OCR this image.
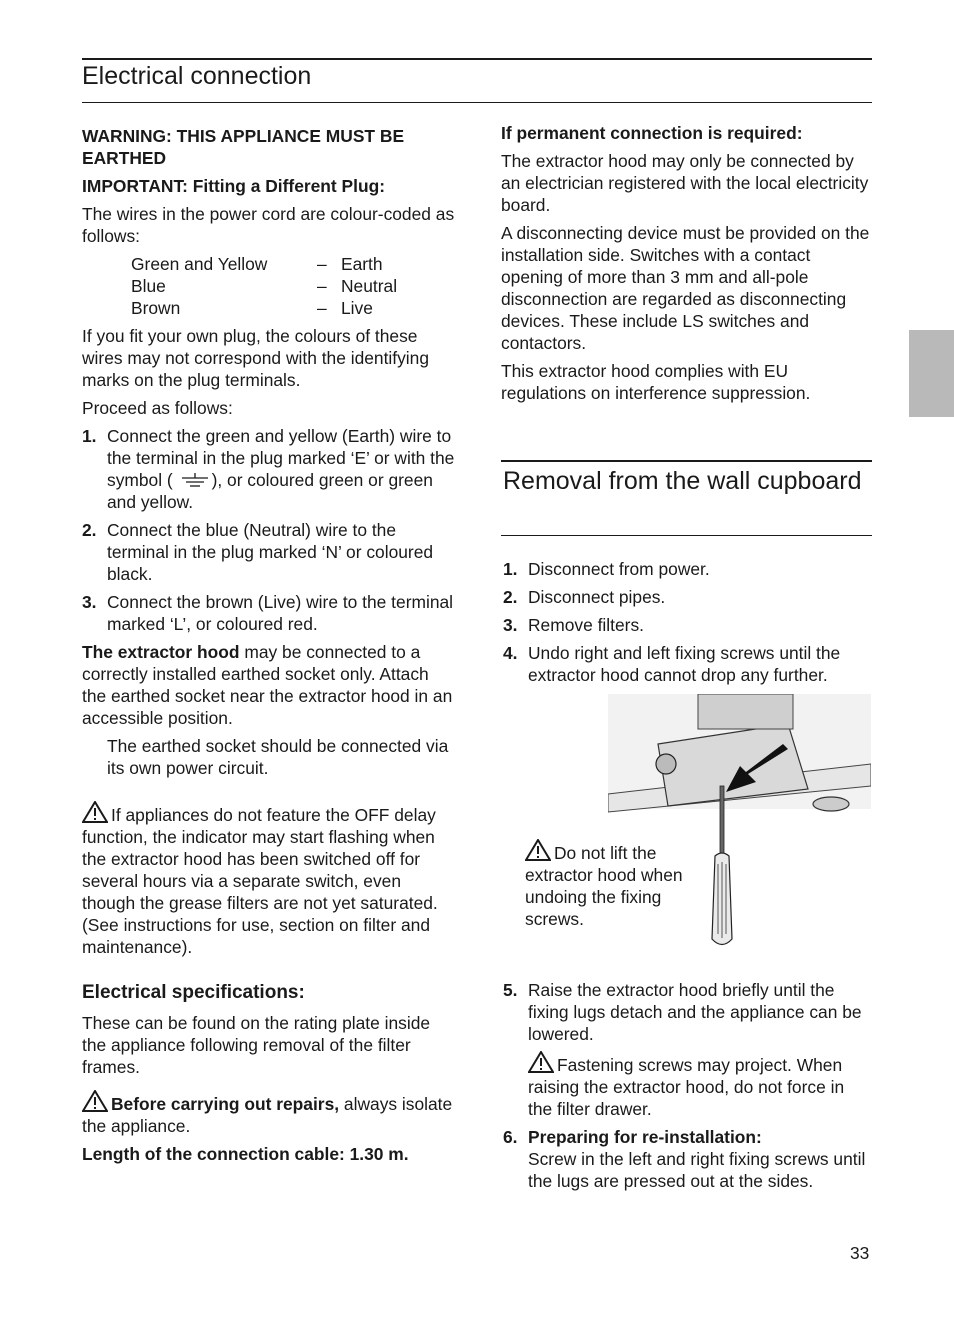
Electrical connection

WARNING: THIS APPLIANCE MUST BE EARTHED

IMPORTANT: Fitting a Different Plug:

The wires in the power cord are colour-coded as follows:

Green and Yellow	– Earth
Blue	– Neutral
Brown	– Live

If you fit your own plug, the colours of these wires may not correspond with the identifying marks on the plug terminals.

Proceed as follows:

1. Connect the green and yellow (Earth) wire to the terminal in the plug marked ‘E’ or with the symbol ( ), or coloured green or green and yellow.
2. Connect the blue (Neutral) wire to the terminal in the plug marked ‘N’ or coloured black.
3. Connect the brown (Live) wire to the terminal marked ‘L’, or coloured red.

The extractor hood may be connected to a correctly installed earthed socket only. Attach the earthed socket near the extractor hood in an accessible position.

The earthed socket should be connected via its own power circuit.

If appliances do not feature the OFF delay function, the indicator may start flashing when the extractor hood has been switched off for several hours via a separate switch, even though the grease filters are not yet saturated.

(See instructions for use, section on filter and maintenance).

Electrical specifications:

These can be found on the rating plate inside the appliance following removal of the filter frames.

Before carrying out repairs, always isolate the appliance.

Length of the connection cable: 1.30 m.

If permanent connection is required:

The extractor hood may only be connected by an electrician registered with the local electricity board.

A disconnecting device must be provided on the installation side. Switches with a contact opening of more than 3 mm and all-pole disconnection are regarded as disconnecting devices. These include LS switches and contactors.

This extractor hood complies with EU regulations on interference suppression.

Removal from the wall cupboard
1. Disconnect from power.
2. Disconnect pipes.
3. Remove filters.
4. Undo right and left fixing screws until the extractor hood cannot drop any further.
Do not lift the extractor hood when undoing the fixing screws.
5. Raise the extractor hood briefly until the fixing lugs detach and the appliance can be lowered.
Fastening screws may project. When raising the extractor hood, do not force in the filter drawer.
6. Preparing for re-installation:
Screw in the left and right fixing screws until the lugs are pressed out at the sides.
33
